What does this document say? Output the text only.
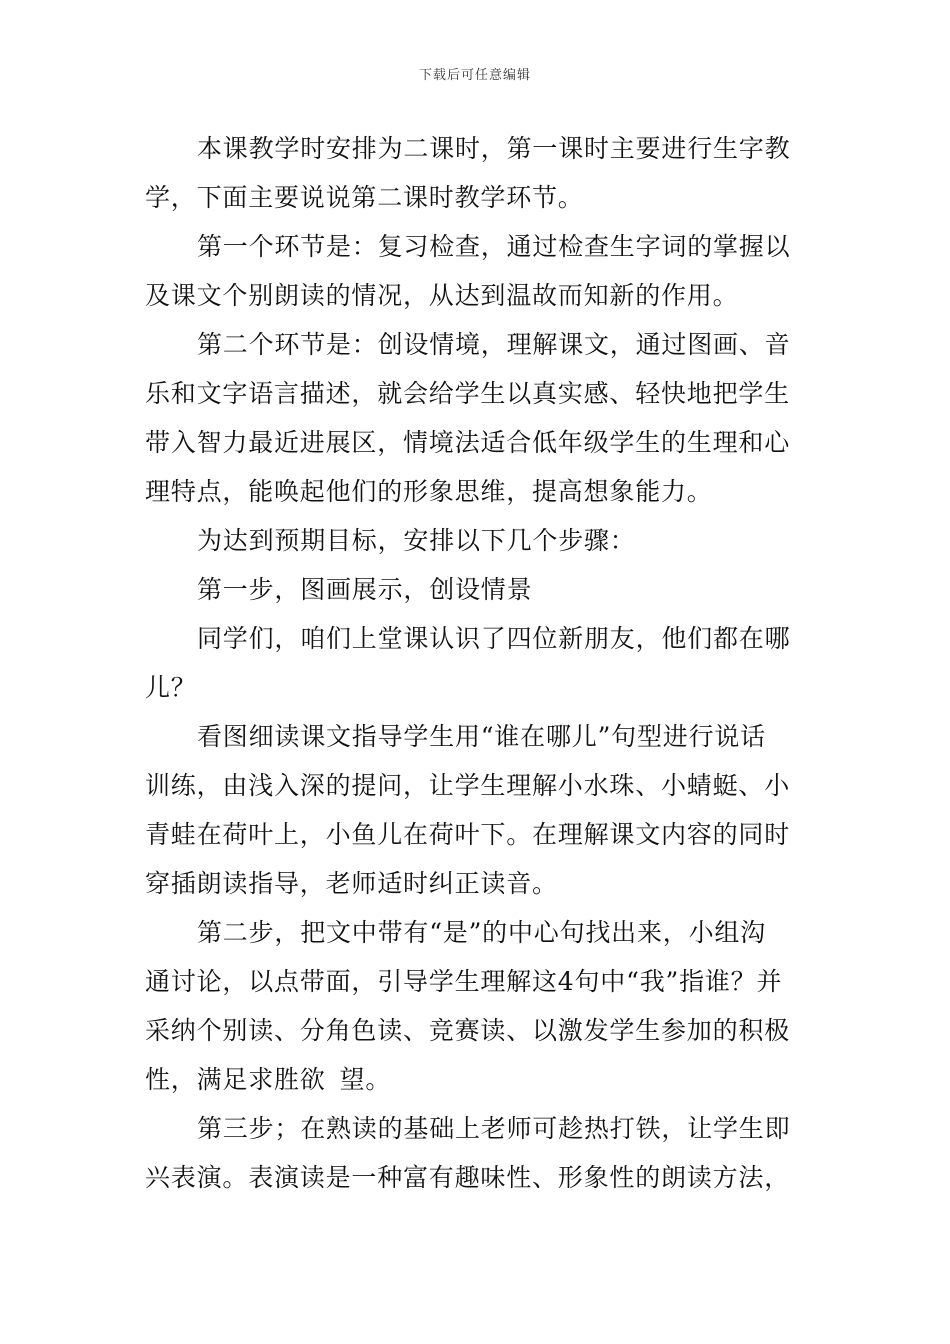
下载后可任意编辑
本课教学时安排为二课时，第一课时主要进行生字教
学，下面主要说说第二课时教学环节。
第一个环节是：复习检查，通过检查生字词的掌握以
及课文个别朗读的情况，从达到温故而知新的作用。
第二个环节是：创设情境，理解课文，通过图画、音
乐和文字语言描述，就会给学生以真实感、轻快地把学生
带入智力最近进展区，情境法适合低年级学生的生理和心
理特点，能唤起他们的形象思维，提高想象能力。
为达到预期目标，安排以下几个步骤：
第一步，图画展示，创设情景
同学们，咱们上堂课认识了四位新朋友，他们都在哪
儿？
看图细读课文指导学生用“谁在哪儿”句型进行说话
训练，由浅入深的提问，让学生理解小水珠、小蜻蜓、小
青蛙在荷叶上，小鱼儿在荷叶下。在理解课文内容的同时
穿插朗读指导，老师适时纠正读音。
第二步，把文中带有“是”的中心句找出来，小组沟
通讨论，以点带面，引导学生理解这4句中“我”指谁？并
采纳个别读、分角色读、竞赛读、以激发学生参加的积极
性，满足求胜欲 望。
第三步；在熟读的基础上老师可趁热打铁，让学生即
兴表演。表演读是一种富有趣味性、形象性的朗读方法，
